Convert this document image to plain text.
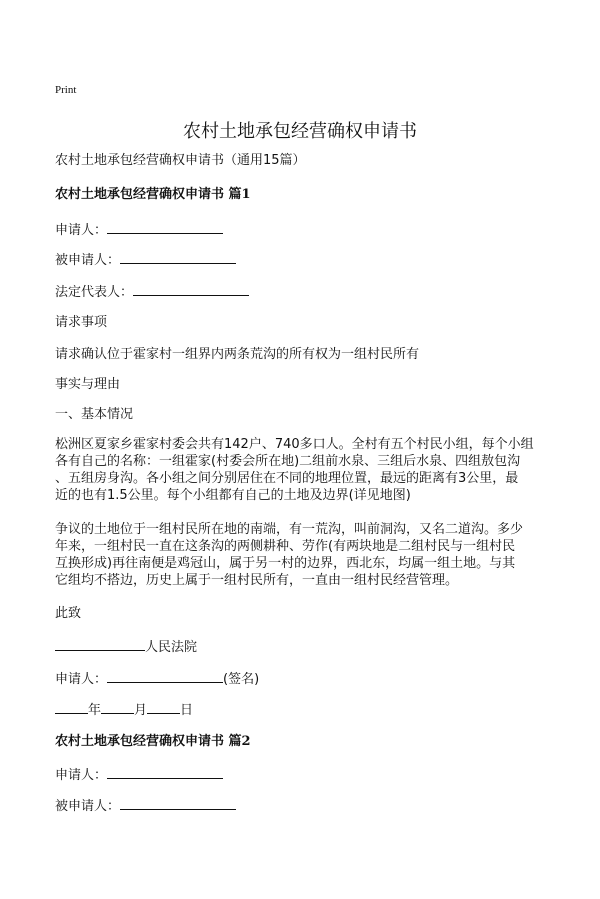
Print
农村土地承包经营确权申请书
农村土地承包经营确权申请书（通用15篇）
农村土地承包经营确权申请书 篇1
申请人：
被申请人：
法定代表人：
请求事项
请求确认位于霍家村一组界内两条荒沟的所有权为一组村民所有
事实与理由
一、基本情况
松洲区夏家乡霍家村委会共有142户、740多口人。全村有五个村民小组，每个小组
各有自己的名称：一组霍家(村委会所在地)二组前水泉、三组后水泉、四组敖包沟
、五组房身沟。各小组之间分别居住在不同的地理位置，最远的距离有3公里，最
近的也有1.5公里。每个小组都有自己的土地及边界(详见地图)
争议的土地位于一组村民所在地的南端，有一荒沟，叫前洞沟，又名二道沟。多少
年来，一组村民一直在这条沟的两侧耕种、劳作(有两块地是二组村民与一组村民
互换形成)再往南便是鸡冠山，属于另一村的边界，西北东，均属一组土地。与其
它组均不搭边，历史上属于一组村民所有，一直由一组村民经营管理。
此致
人民法院
申请人：	(签名)
年	月	日
农村土地承包经营确权申请书 篇2
申请人：
被申请人：
